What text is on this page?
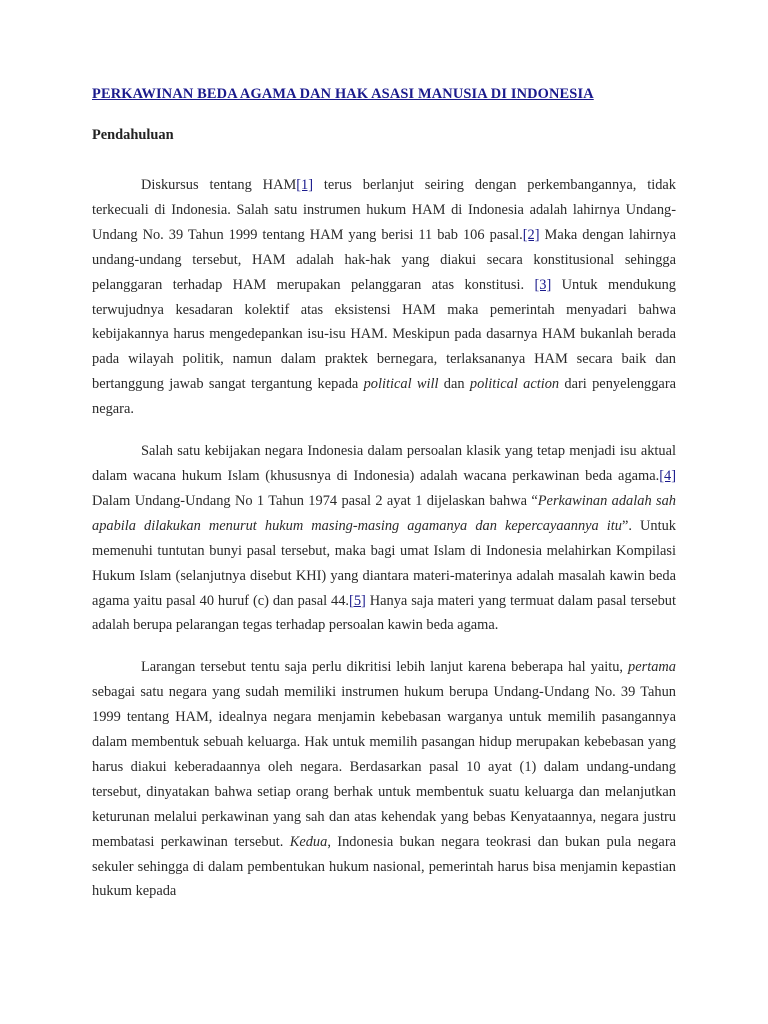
PERKAWINAN BEDA AGAMA DAN HAK ASASI MANUSIA DI INDONESIA
Pendahuluan

Diskursus tentang HAM[1] terus berlanjut seiring dengan perkembangannya, tidak terkecuali di Indonesia. Salah satu instrumen hukum HAM di Indonesia adalah lahirnya Undang-Undang No. 39 Tahun 1999 tentang HAM yang berisi 11 bab 106 pasal.[2] Maka dengan lahirnya undang-undang tersebut, HAM adalah hak-hak yang diakui secara konstitusional sehingga pelanggaran terhadap HAM merupakan pelanggaran atas konstitusi. [3] Untuk mendukung terwujudnya kesadaran kolektif atas eksistensi HAM maka pemerintah menyadari bahwa kebijakannya harus mengedepankan isu-isu HAM. Meskipun pada dasarnya HAM bukanlah berada pada wilayah politik, namun dalam praktek bernegara, terlaksananya HAM secara baik dan bertanggung jawab sangat tergantung kepada political will dan political action dari penyelenggara negara.

Salah satu kebijakan negara Indonesia dalam persoalan klasik yang tetap menjadi isu aktual dalam wacana hukum Islam (khususnya di Indonesia) adalah wacana perkawinan beda agama.[4] Dalam Undang-Undang No 1 Tahun 1974 pasal 2 ayat 1 dijelaskan bahwa “Perkawinan adalah sah apabila dilakukan menurut hukum masing-masing agamanya dan kepercayaannya itu”. Untuk memenuhi tuntutan bunyi pasal tersebut, maka bagi umat Islam di Indonesia melahirkan Kompilasi Hukum Islam (selanjutnya disebut KHI) yang diantara materi-materinya adalah masalah kawin beda agama yaitu pasal 40 huruf (c) dan pasal 44.[5] Hanya saja materi yang termuat dalam pasal tersebut adalah berupa pelarangan tegas terhadap persoalan kawin beda agama.

Larangan tersebut tentu saja perlu dikritisi lebih lanjut karena beberapa hal yaitu, pertama sebagai satu negara yang sudah memiliki instrumen hukum berupa Undang-Undang No. 39 Tahun 1999 tentang HAM, idealnya negara menjamin kebebasan warganya untuk memilih pasangannya dalam membentuk sebuah keluarga. Hak untuk memilih pasangan hidup merupakan kebebasan yang harus diakui keberadaannya oleh negara. Berdasarkan pasal 10 ayat (1) dalam undang-undang tersebut, dinyatakan bahwa setiap orang berhak untuk membentuk suatu keluarga dan melanjutkan keturunan melalui perkawinan yang sah dan atas kehendak yang bebas Kenyataannya, negara justru membatasi perkawinan tersebut. Kedua, Indonesia bukan negara teokrasi dan bukan pula negara sekuler sehingga di dalam pembentukan hukum nasional, pemerintah harus bisa menjamin kepastian hukum kepada
